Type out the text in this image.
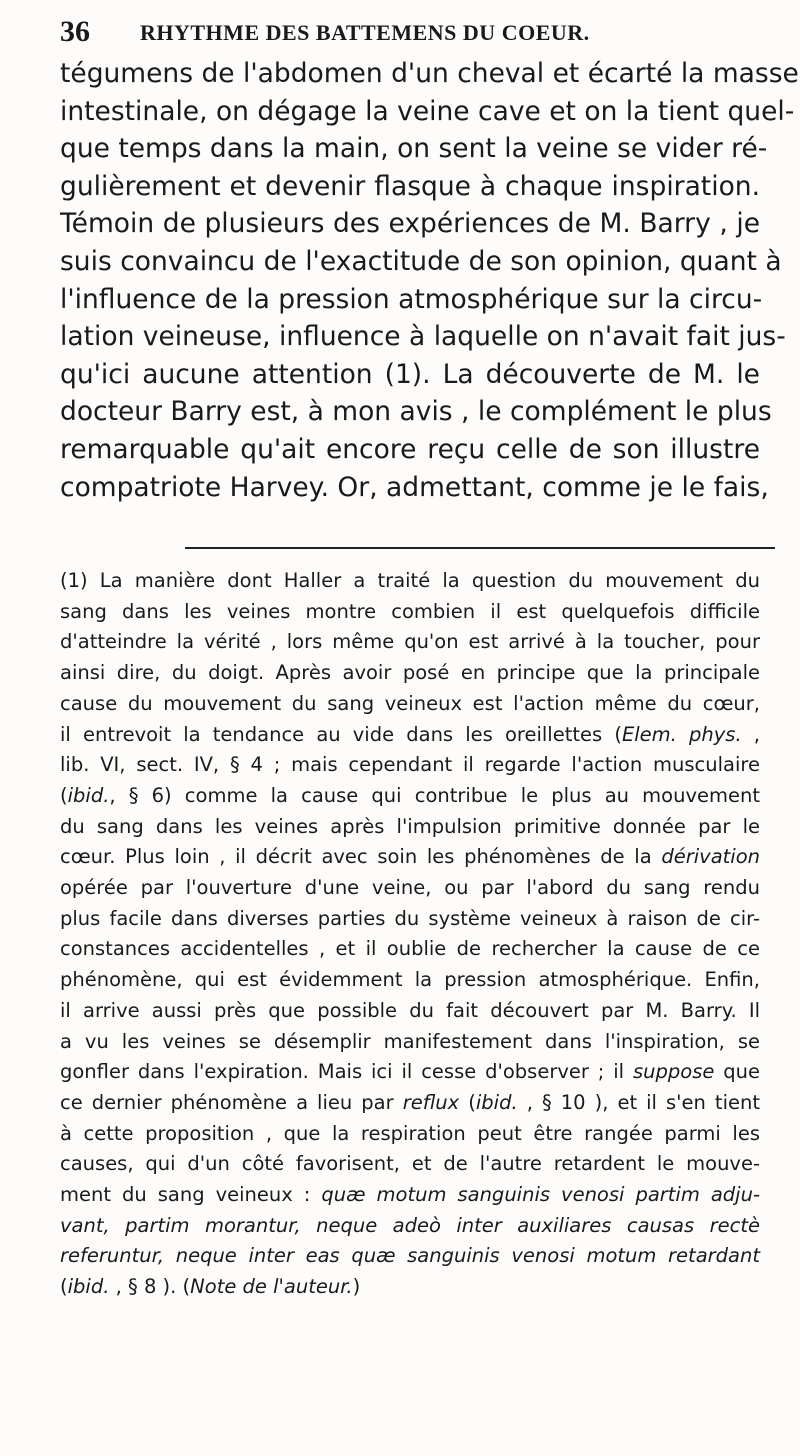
36 RHYTHME DES BATTEMENS DU COEUR.
tégumens de l'abdomen d'un cheval et écarté la masse
intestinale, on dégage la veine cave et on la tient quel-
que temps dans la main, on sent la veine se vider ré-
gulièrement et devenir flasque à chaque inspiration.
Témoin de plusieurs des expériences de M. Barry , je
suis convaincu de l'exactitude de son opinion, quant à
l'influence de la pression atmosphérique sur la circu-
lation veineuse, influence à laquelle on n'avait fait jus-
qu'ici aucune attention (1). La découverte de M. le
docteur Barry est, à mon avis , le complément le plus
remarquable qu'ait encore reçu celle de son illustre
compatriote Harvey. Or, admettant, comme je le fais,
(1) La manière dont Haller a traité la question du mouvement du
sang dans les veines montre combien il est quelquefois difficile
d'atteindre la vérité , lors même qu'on est arrivé à la toucher, pour
ainsi dire, du doigt. Après avoir posé en principe que la principale
cause du mouvement du sang veineux est l'action même du cœur,
il entrevoit la tendance au vide dans les oreillettes (Elem. phys. ,
lib. VI, sect. IV, § 4 ; mais cependant il regarde l'action musculaire
(ibid., § 6) comme la cause qui contribue le plus au mouvement
du sang dans les veines après l'impulsion primitive donnée par le
cœur. Plus loin , il décrit avec soin les phénomènes de la dérivation
opérée par l'ouverture d'une veine, ou par l'abord du sang rendu
plus facile dans diverses parties du système veineux à raison de cir-
constances accidentelles , et il oublie de rechercher la cause de ce
phénomène, qui est évidemment la pression atmosphérique. Enfin,
il arrive aussi près que possible du fait découvert par M. Barry. Il
a vu les veines se désemplir manifestement dans l'inspiration, se
gonfler dans l'expiration. Mais ici il cesse d'observer ; il suppose que
ce dernier phénomène a lieu par reflux (ibid. , § 10 ), et il s'en tient
à cette proposition , que la respiration peut être rangée parmi les
causes, qui d'un côté favorisent, et de l'autre retardent le mouve-
ment du sang veineux : quæ motum sanguinis venosi partim adju-
vant, partim morantur, neque adeò inter auxiliares causas rectè
referuntur, neque inter eas quæ sanguinis venosi motum retardant
(ibid. , § 8 ). (Note de l'auteur.)
